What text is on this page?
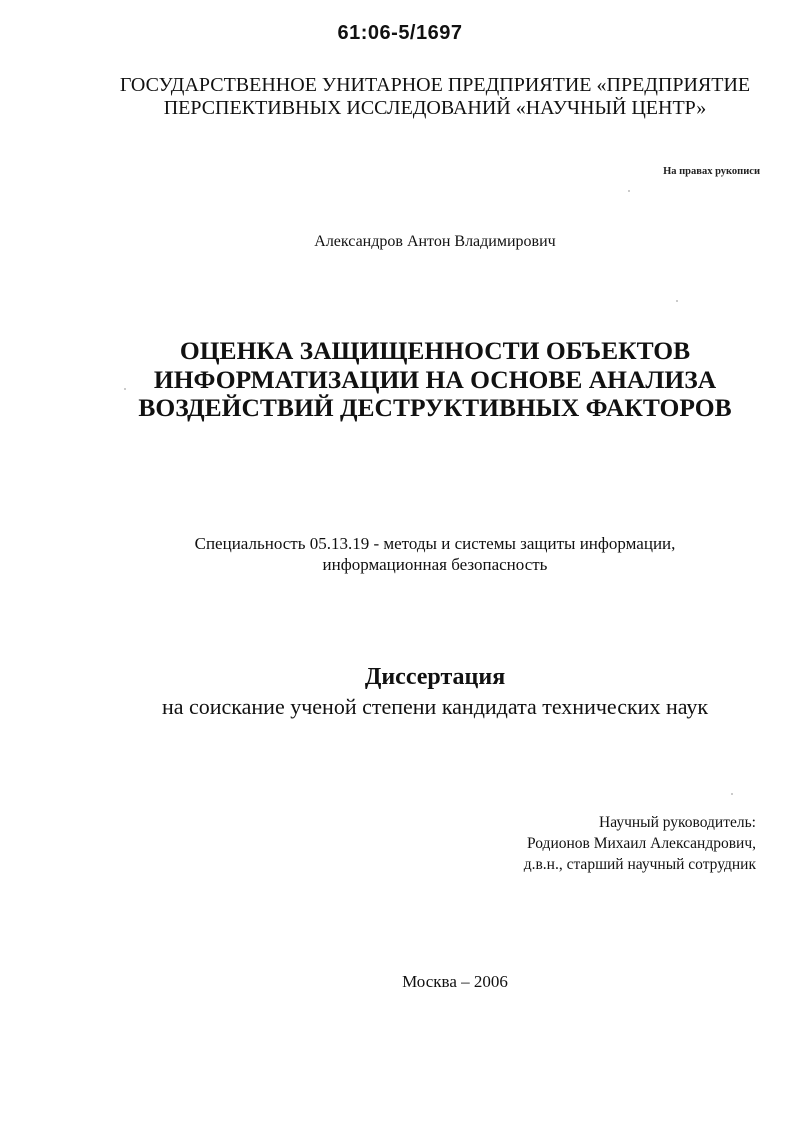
61:06-5/1697
ГОСУДАРСТВЕННОЕ УНИТАРНОЕ ПРЕДПРИЯТИЕ «ПРЕДПРИЯТИЕ
ПЕРСПЕКТИВНЫХ ИССЛЕДОВАНИЙ «НАУЧНЫЙ ЦЕНТР»
На правах рукописи
Александров Антон Владимирович
ОЦЕНКА ЗАЩИЩЕННОСТИ ОБЪЕКТОВ
ИНФОРМАТИЗАЦИИ НА ОСНОВЕ АНАЛИЗА
ВОЗДЕЙСТВИЙ ДЕСТРУКТИВНЫХ ФАКТОРОВ
Специальность 05.13.19 - методы и системы защиты информации,
информационная безопасность
Диссертация
на соискание ученой степени кандидата технических наук
Научный руководитель:
Родионов Михаил Александрович,
д.в.н., старший научный сотрудник
Москва – 2006
